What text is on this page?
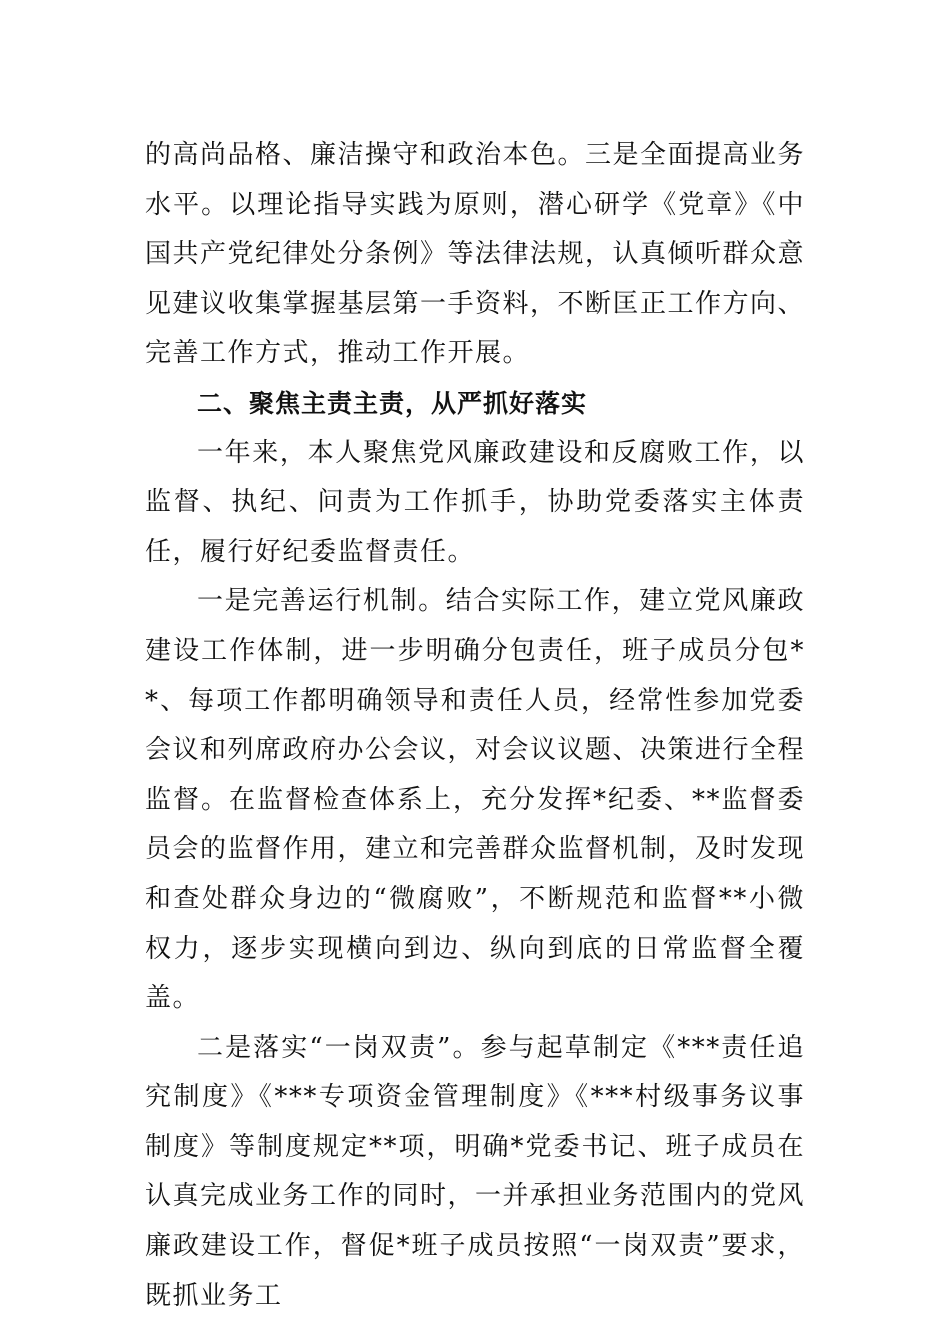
的高尚品格、廉洁操守和政治本色。三是全面提高业务水平。以理论指导实践为原则，潜心研学《党章》《中国共产党纪律处分条例》等法律法规，认真倾听群众意见建议收集掌握基层第一手资料，不断匡正工作方向、完善工作方式，推动工作开展。

二、聚焦主责主责，从严抓好落实

一年来，本人聚焦党风廉政建设和反腐败工作，以监督、执纪、问责为工作抓手，协助党委落实主体责任，履行好纪委监督责任。

一是完善运行机制。结合实际工作，建立党风廉政建设工作体制，进一步明确分包责任，班子成员分包**、每项工作都明确领导和责任人员，经常性参加党委会议和列席政府办公会议，对会议议题、决策进行全程监督。在监督检查体系上，充分发挥*纪委、**监督委员会的监督作用，建立和完善群众监督机制，及时发现和查处群众身边的“微腐败”，不断规范和监督**小微权力，逐步实现横向到边、纵向到底的日常监督全覆盖。

二是落实“一岗双责”。参与起草制定《***责任追究制度》《***专项资金管理制度》《***村级事务议事制度》等制度规定**项，明确*党委书记、班子成员在认真完成业务工作的同时，一并承担业务范围内的党风廉政建设工作，督促*班子成员按照“一岗双责”要求，既抓业务工
